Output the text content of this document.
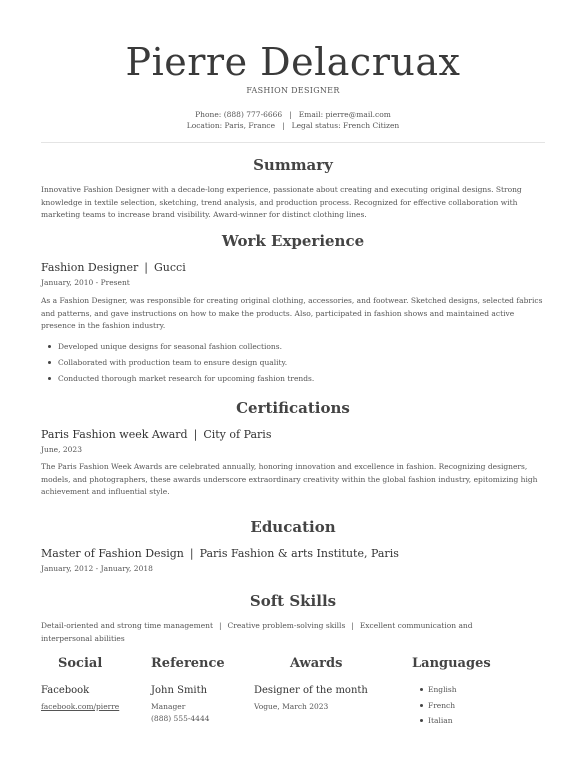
Pierre Delacruax
FASHION DESIGNER
Phone: (888) 777-6666 | Email: pierre@mail.com
Location: Paris, France | Legal status: French Citizen
Summary
Innovative Fashion Designer with a decade-long experience, passionate about creating and executing original designs. Strong knowledge in textile selection, sketching, trend analysis, and production process. Recognized for effective collaboration with marketing teams to increase brand visibility. Award-winner for distinct clothing lines.
Work Experience
Fashion Designer | Gucci
January, 2010 - Present
As a Fashion Designer, was responsible for creating original clothing, accessories, and footwear. Sketched designs, selected fabrics and patterns, and gave instructions on how to make the products. Also, participated in fashion shows and maintained active presence in the fashion industry.
Developed unique designs for seasonal fashion collections.
Collaborated with production team to ensure design quality.
Conducted thorough market research for upcoming fashion trends.
Certifications
Paris Fashion week Award | City of Paris
June, 2023
The Paris Fashion Week Awards are celebrated annually, honoring innovation and excellence in fashion. Recognizing designers, models, and photographers, these awards underscore extraordinary creativity within the global fashion industry, epitomizing high achievement and influential style.
Education
Master of Fashion Design | Paris Fashion & arts Institute, Paris
January, 2012 - January, 2018
Soft Skills
Detail-oriented and strong time management | Creative problem-solving skills | Excellent communication and interpersonal abilities
Social
Facebook
facebook.com/pierre
Reference
John Smith
Manager
(888) 555-4444
Awards
Designer of the month
Vogue, March 2023
Languages
English
French
Italian
